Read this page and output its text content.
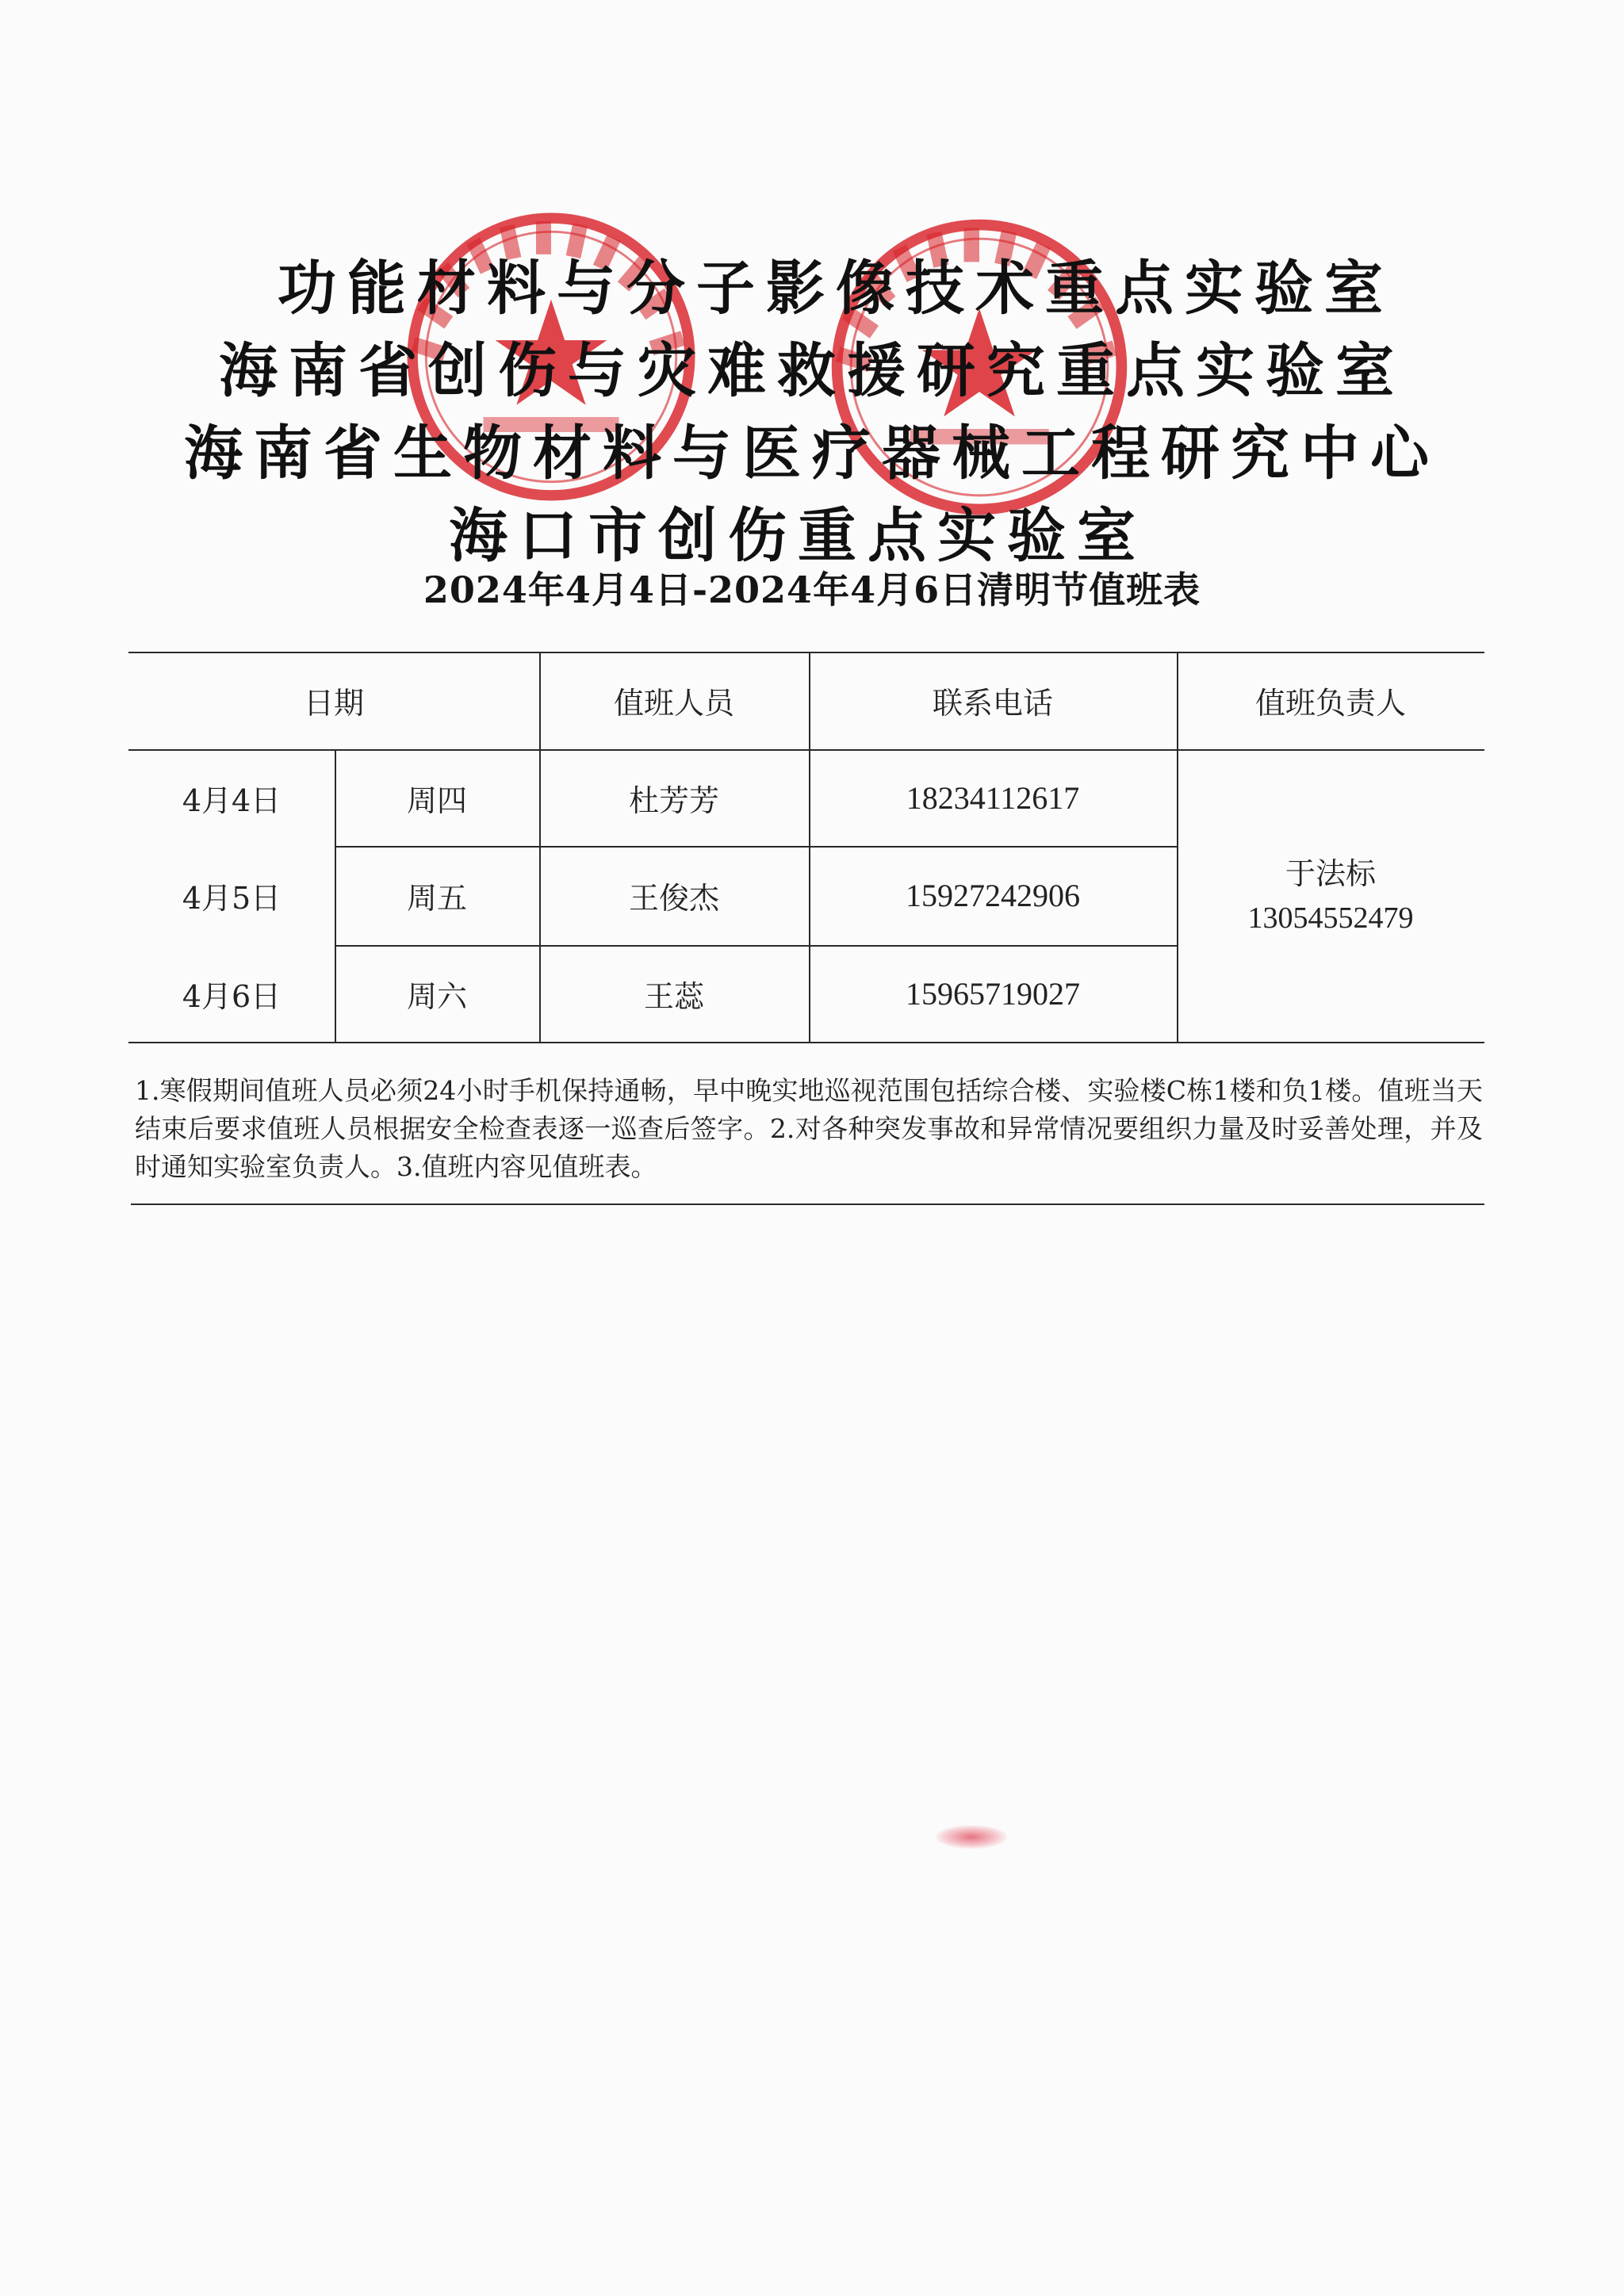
功能材料与分子影像技术重点实验室
海南省创伤与灾难救援研究重点实验室
海南省生物材料与医疗器械工程研究中心
海口市创伤重点实验室
2024年4月4日-2024年4月6日清明节值班表
日期	值班人员	联系电话	值班负责人
4月4日	周四	杜芳芳	18234112617
4月5日	周五	王俊杰	15927242906
4月6日	周六	王蕊	15965719027
于法标
13054552479
1.寒假期间值班人员必须24小时手机保持通畅，早中晚实地巡视范围包括综合楼、实验楼C栋1楼和负1楼。值班当天结束后要求值班人员根据安全检查表逐一巡查后签字。2.对各种突发事故和异常情况要组织力量及时妥善处理，并及时通知实验室负责人。3.值班内容见值班表。
